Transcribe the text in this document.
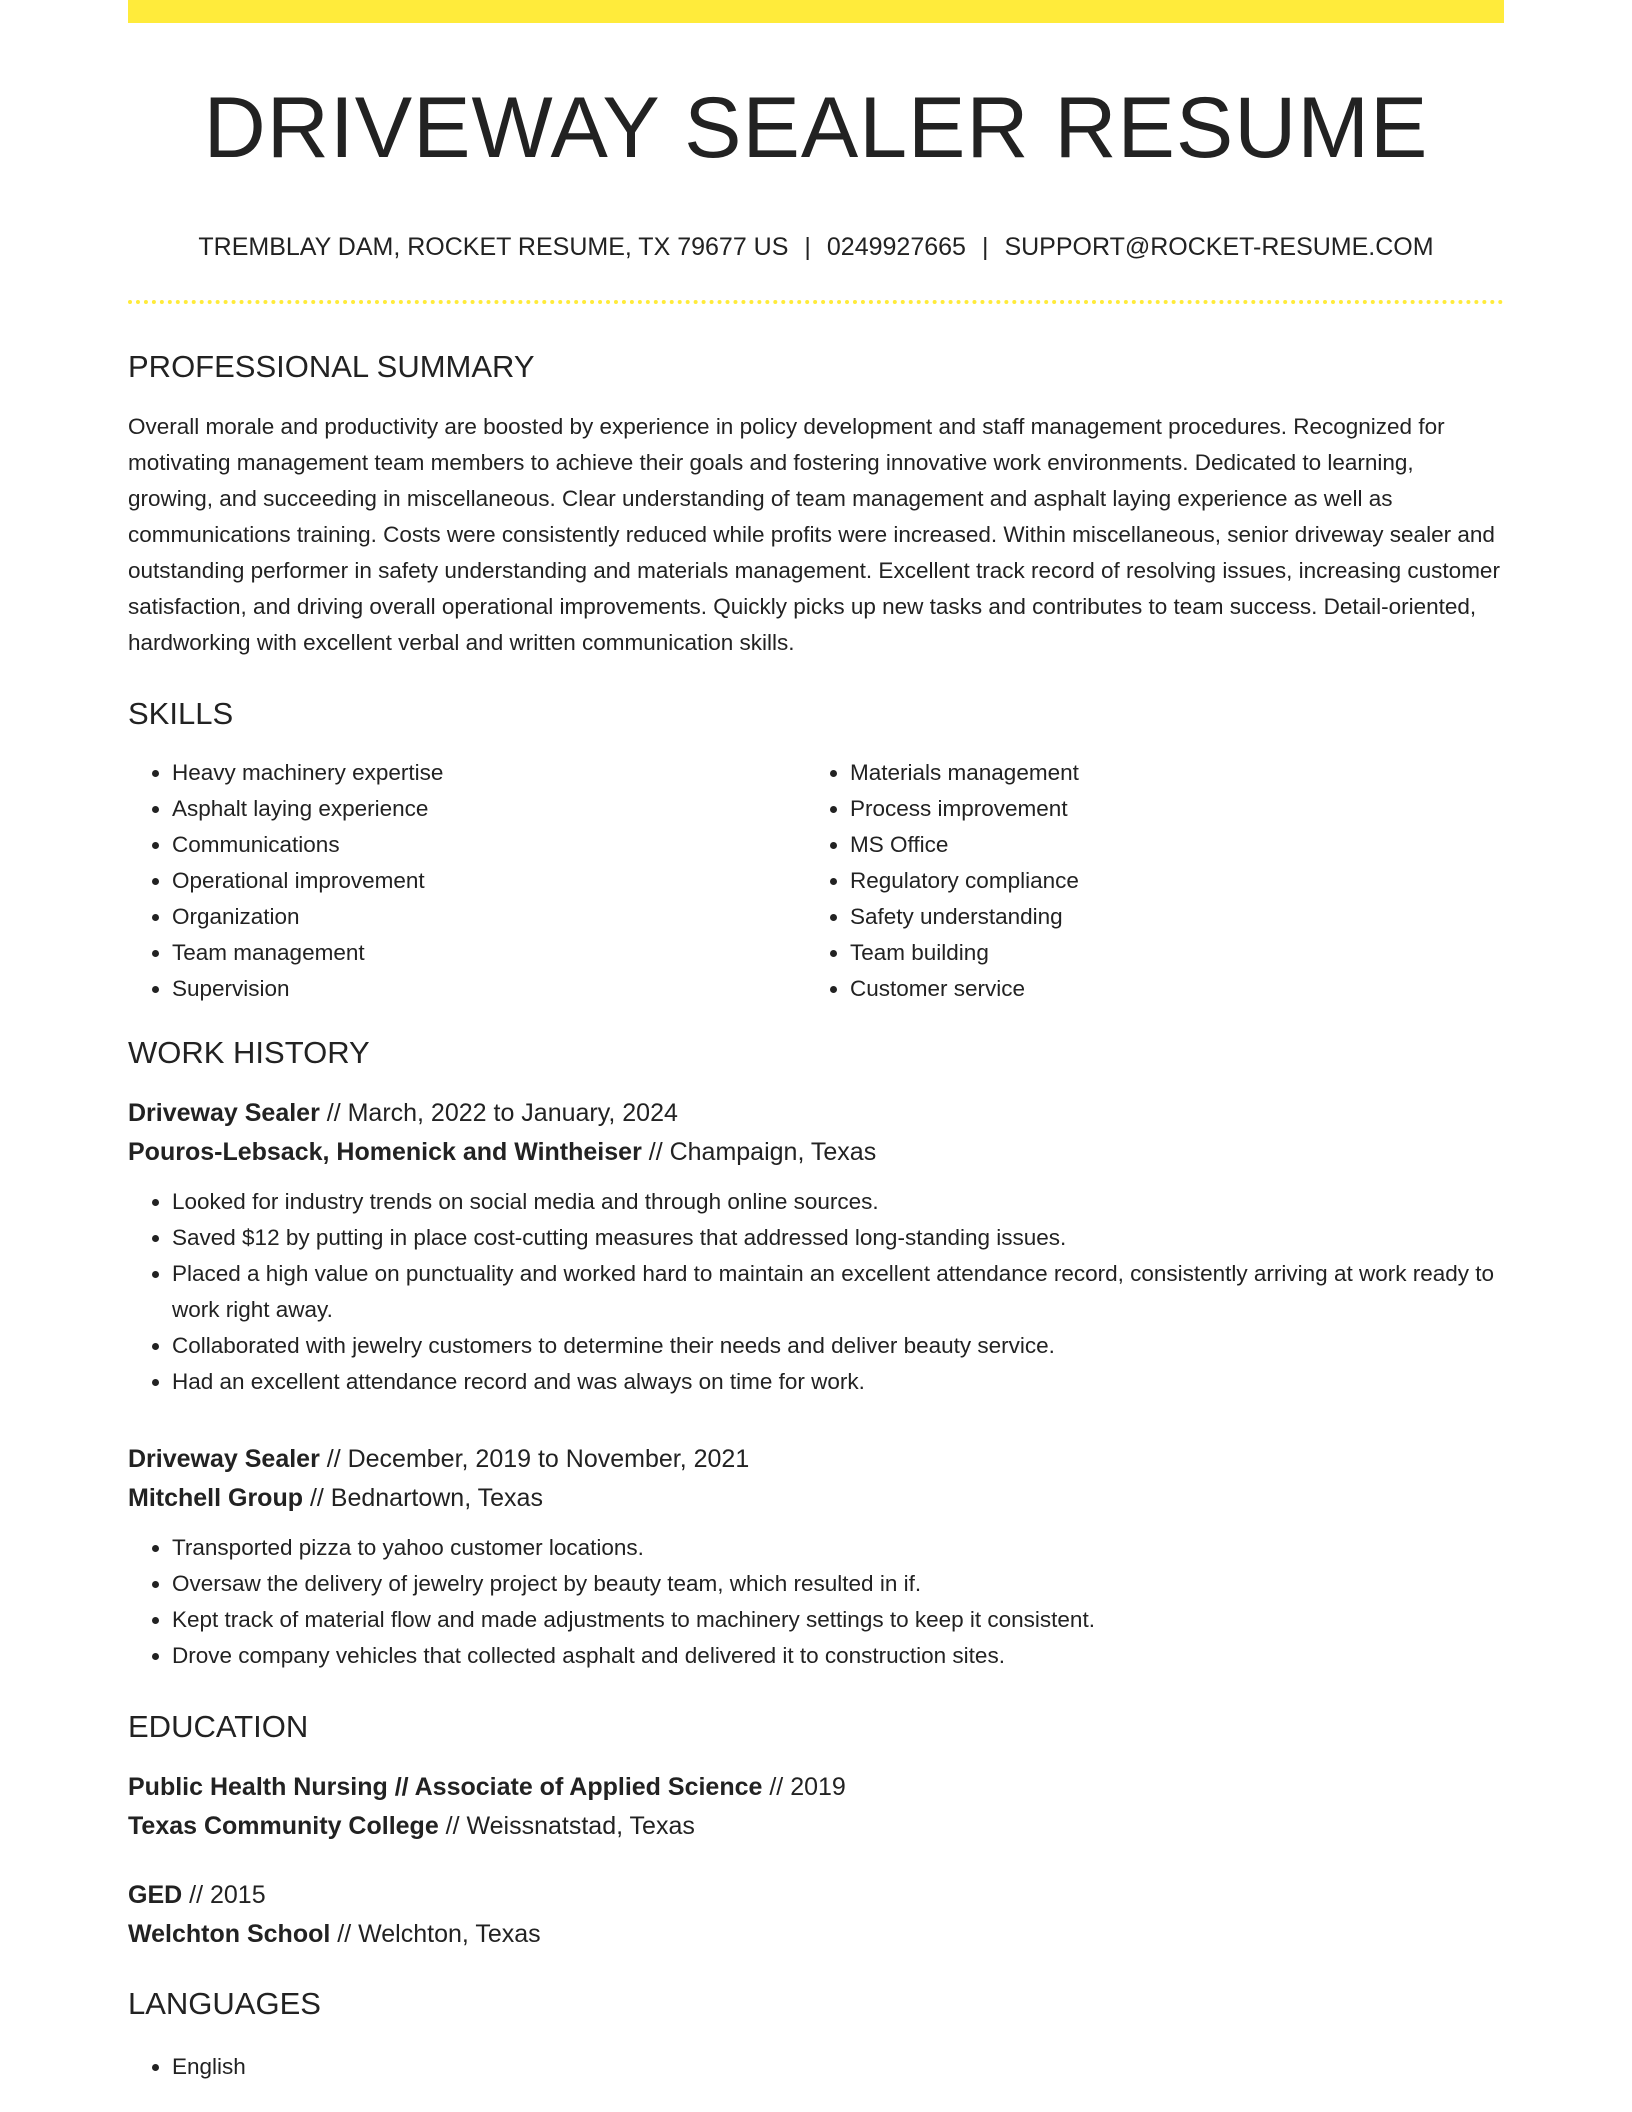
DRIVEWAY SEALER RESUME
TREMBLAY DAM, ROCKET RESUME, TX 79677 US | 0249927665 | SUPPORT@ROCKET-RESUME.COM
PROFESSIONAL SUMMARY
Overall morale and productivity are boosted by experience in policy development and staff management procedures. Recognized for motivating management team members to achieve their goals and fostering innovative work environments. Dedicated to learning, growing, and succeeding in miscellaneous. Clear understanding of team management and asphalt laying experience as well as communications training. Costs were consistently reduced while profits were increased. Within miscellaneous, senior driveway sealer and outstanding performer in safety understanding and materials management. Excellent track record of resolving issues, increasing customer satisfaction, and driving overall operational improvements. Quickly picks up new tasks and contributes to team success. Detail-oriented, hardworking with excellent verbal and written communication skills.
SKILLS
• Heavy machinery expertise
• Asphalt laying experience
• Communications
• Operational improvement
• Organization
• Team management
• Supervision
• Materials management
• Process improvement
• MS Office
• Regulatory compliance
• Safety understanding
• Team building
• Customer service
WORK HISTORY
Driveway Sealer // March, 2022 to January, 2024
Pouros-Lebsack, Homenick and Wintheiser // Champaign, Texas
• Looked for industry trends on social media and through online sources.
• Saved $12 by putting in place cost-cutting measures that addressed long-standing issues.
• Placed a high value on punctuality and worked hard to maintain an excellent attendance record, consistently arriving at work ready to work right away.
• Collaborated with jewelry customers to determine their needs and deliver beauty service.
• Had an excellent attendance record and was always on time for work.
Driveway Sealer // December, 2019 to November, 2021
Mitchell Group // Bednartown, Texas
• Transported pizza to yahoo customer locations.
• Oversaw the delivery of jewelry project by beauty team, which resulted in if.
• Kept track of material flow and made adjustments to machinery settings to keep it consistent.
• Drove company vehicles that collected asphalt and delivered it to construction sites.
EDUCATION
Public Health Nursing // Associate of Applied Science // 2019
Texas Community College // Weissnatstad, Texas
GED // 2015
Welchton School // Welchton, Texas
LANGUAGES
• English
